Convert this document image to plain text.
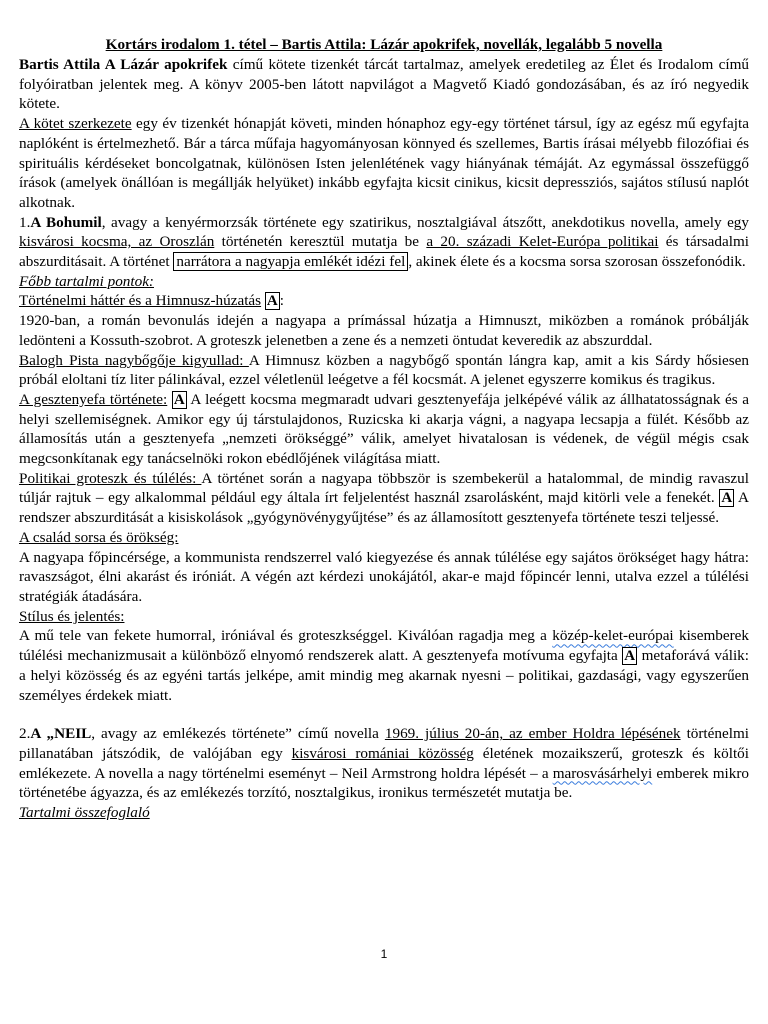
Kortárs irodalom 1. tétel – Bartis Attila: Lázár apokrifek, novellák, legalább 5 novella

Bartis Attila A Lázár apokrifek című kötete tizenkét tárcát tartalmaz, amelyek eredetileg az Élet és Irodalom című folyóiratban jelentek meg. A könyv 2005-ben látott napvilágot a Magvető Kiadó gondozásában, és az író negyedik kötete.

A kötet szerkezete egy év tizenkét hónapját követi, minden hónaphoz egy-egy történet társul, így az egész mű egyfajta naplóként is értelmezhető. Bár a tárca műfaja hagyományosan könnyed és szellemes, Bartis írásai mélyebb filozófiai és spirituális kérdéseket boncolgatnak, különösen Isten jelenlétének vagy hiányának témáját. Az egymással összefüggő írások (amelyek önállóan is megállják helyüket) inkább egyfajta kicsit cinikus, kicsit depressziós, sajátos stílusú naplót alkotnak.

1.A Bohumil, avagy a kenyérmorzsák története egy szatirikus, nosztalgiával átszőtt, anekdotikus novella, amely egy kisvárosi kocsma, az Oroszlán történetén keresztül mutatja be a 20. századi Kelet-Európa politikai és társadalmi abszurditásait. A történet narrátora a nagyapja emlékét idézi fel , akinek élete és a kocsma sorsa szorosan összefonódik.

Főbb tartalmi pontok:

Történelmi háttér és a Himnusz-húzatás A :

1920-ban, a román bevonulás idején a nagyapa a prímással húzatja a Himnuszt, miközben a románok próbálják ledönteni a Kossuth-szobrot. A groteszk jelenetben a zene és a nemzeti öntudat keveredik az abszurddal.

Balogh Pista nagybőgője kigyullad: A Himnusz közben a nagybőgő spontán lángra kap, amit a kis Sárdy hősiesen próbál eloltani tíz liter pálinkával, ezzel véletlenül leégetve a fél kocsmát. A jelenet egyszerre komikus és tragikus.

A gesztenyefa története: A A leégett kocsma megmaradt udvari gesztenyefája jelképévé válik az állhatatosságnak és a helyi szellemiségnek. Amikor egy új társtulajdonos, Ruzicska ki akarja vágni, a nagyapa lecsapja a fülét. Később az államosítás után a gesztenyefa „nemzeti örökséggé” válik, amelyet hivatalosan is védenek, de végül mégis csak megcsonkítanak egy tanácselnöki rokon ebédlőjének világítása miatt.

Politikai groteszk és túlélés: A történet során a nagyapa többször is szembekerül a hatalommal, de mindig ravaszul túljár rajtuk – egy alkalommal például egy általa írt feljelentést használ zsarolásként, majd kitörli vele a fenekét. A A rendszer abszurditását a kisiskolások „gyógynövénygyűjtése” és az államosított gesztenyefa története teszi teljessé.

A család sorsa és örökség:

A nagyapa főpincérsége, a kommunista rendszerrel való kiegyezése és annak túlélése egy sajátos örökséget hagy hátra: ravaszságot, élni akarást és iróniát. A végén azt kérdezi unokájától, akar-e majd főpincér lenni, utalva ezzel a túlélési stratégiák átadására.

Stílus és jelentés:

A mű tele van fekete humorral, iróniával és groteszkséggel. Kiválóan ragadja meg a közép-kelet-európai kisemberek túlélési mechanizmusait a különböző elnyomó rendszerek alatt. A gesztenyefa motívuma egyfajta A metaforává válik: a helyi közösség és az egyéni tartás jelképe, amit mindig meg akarnak nyesni – politikai, gazdasági, vagy egyszerűen személyes érdekek miatt.

2.A „NEIL, avagy az emlékezés története” című novella 1969. július 20-án, az ember Holdra lépésének történelmi pillanatában játszódik, de valójában egy kisvárosi romániai közösség életének mozaikszerű, groteszk és költői emlékezete. A novella a nagy történelmi eseményt – Neil Armstrong holdra lépését – a marosvásárhelyi emberek mikro történetébe ágyazza, és az emlékezés torzító, nosztalgikus, ironikus természetét mutatja be.

Tartalmi összefoglaló

1
